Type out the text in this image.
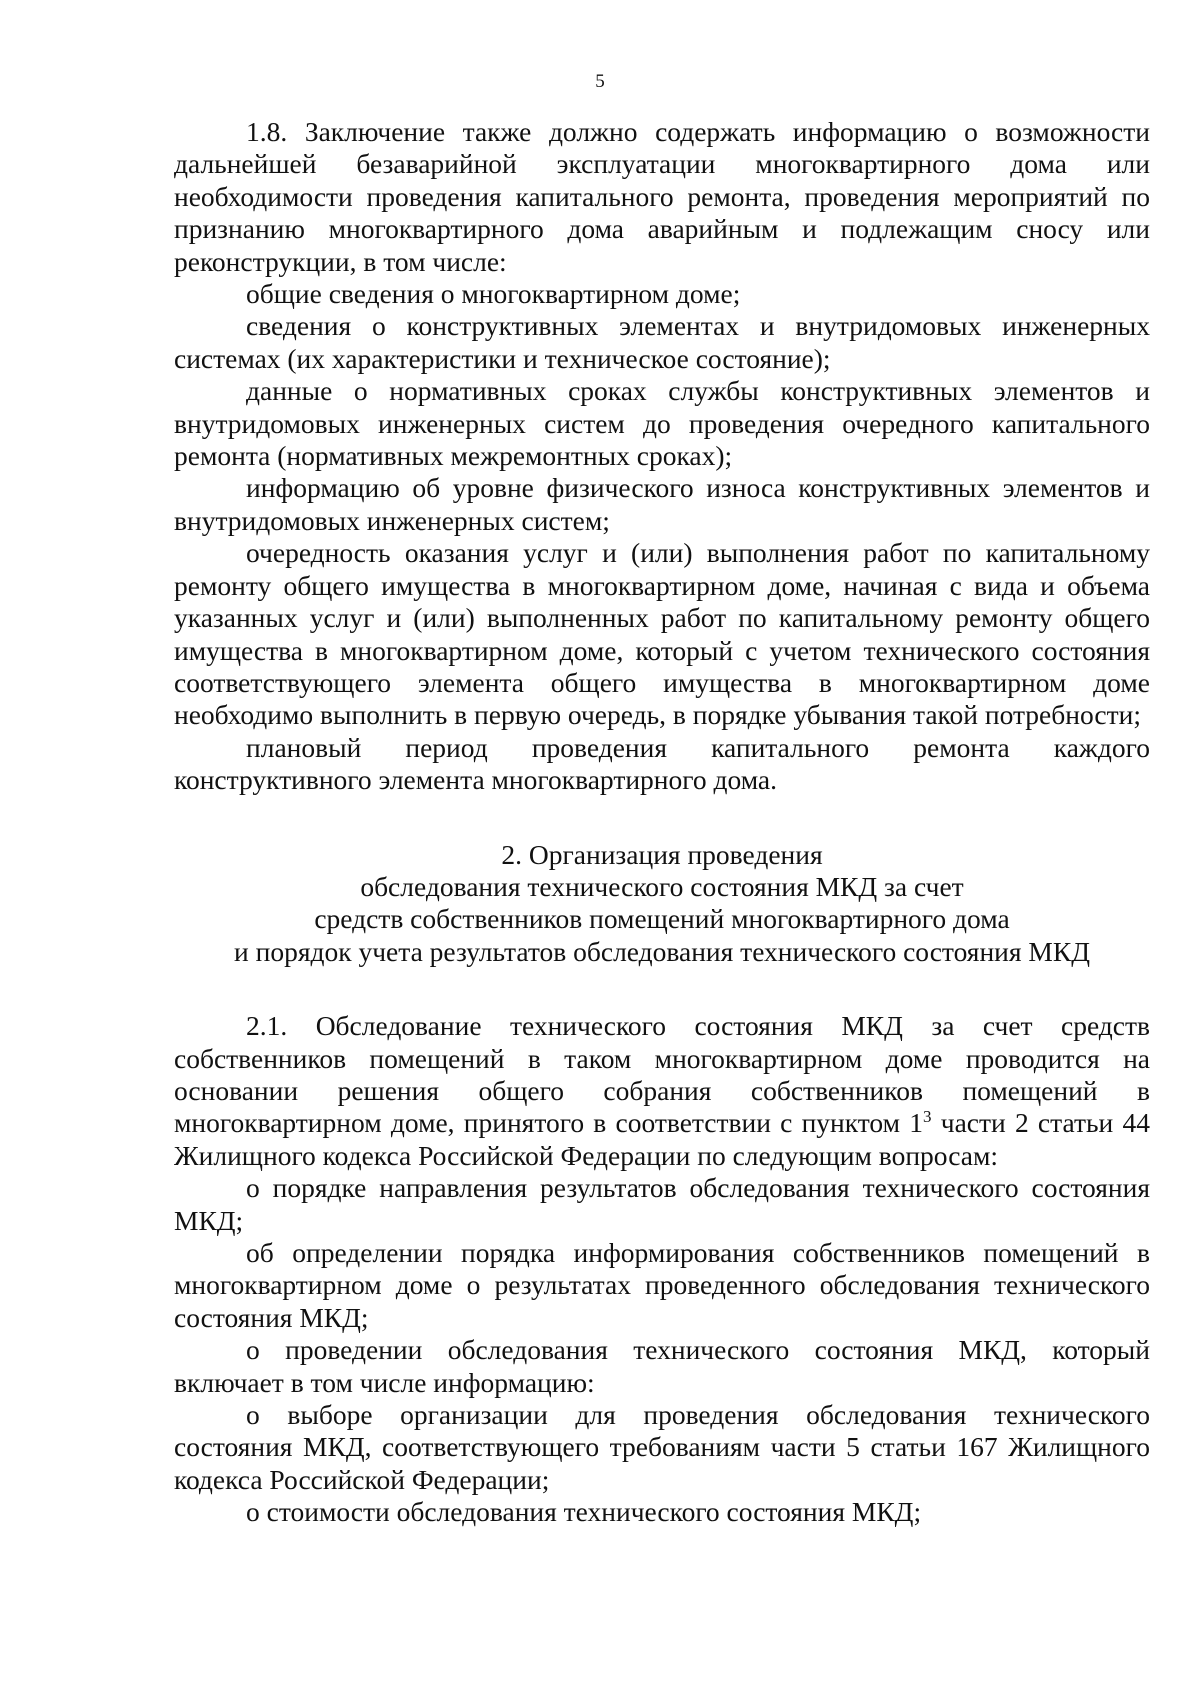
5

1.8. Заключение также должно содержать информацию о возможности дальнейшей безаварийной эксплуатации многоквартирного дома или необходимости проведения капитального ремонта, проведения мероприятий по признанию многоквартирного дома аварийным и подлежащим сносу или реконструкции, в том числе:

общие сведения о многоквартирном доме;

сведения о конструктивных элементах и внутридомовых инженерных системах (их характеристики и техническое состояние);

данные о нормативных сроках службы конструктивных элементов и внутридомовых инженерных систем до проведения очередного капитального ремонта (нормативных межремонтных сроках);

информацию об уровне физического износа конструктивных элементов и внутридомовых инженерных систем;

очередность оказания услуг и (или) выполнения работ по капитальному ремонту общего имущества в многоквартирном доме, начиная с вида и объема указанных услуг и (или) выполненных работ по капитальному ремонту общего имущества в многоквартирном доме, который с учетом технического состояния соответствующего элемента общего имущества в многоквартирном доме необходимо выполнить в первую очередь, в порядке убывания такой потребности;

плановый период проведения капитального ремонта каждого конструктивного элемента многоквартирного дома.

2. Организация проведения
обследования технического состояния МКД за счет
средств собственников помещений многоквартирного дома
и порядок учета результатов обследования технического состояния МКД

2.1. Обследование технического состояния МКД за счет средств собственников помещений в таком многоквартирном доме проводится на основании решения общего собрания собственников помещений в многоквартирном доме, принятого в соответствии с пунктом $1^3$ части 2 статьи 44 Жилищного кодекса Российской Федерации по следующим вопросам:

о порядке направления результатов обследования технического состояния МКД;

об определении порядка информирования собственников помещений в многоквартирном доме о результатах проведенного обследования технического состояния МКД;

о проведении обследования технического состояния МКД, который включает в том числе информацию:

о выборе организации для проведения обследования технического состояния МКД, соответствующего требованиям части 5 статьи 167 Жилищного кодекса Российской Федерации;

о стоимости обследования технического состояния МКД;
